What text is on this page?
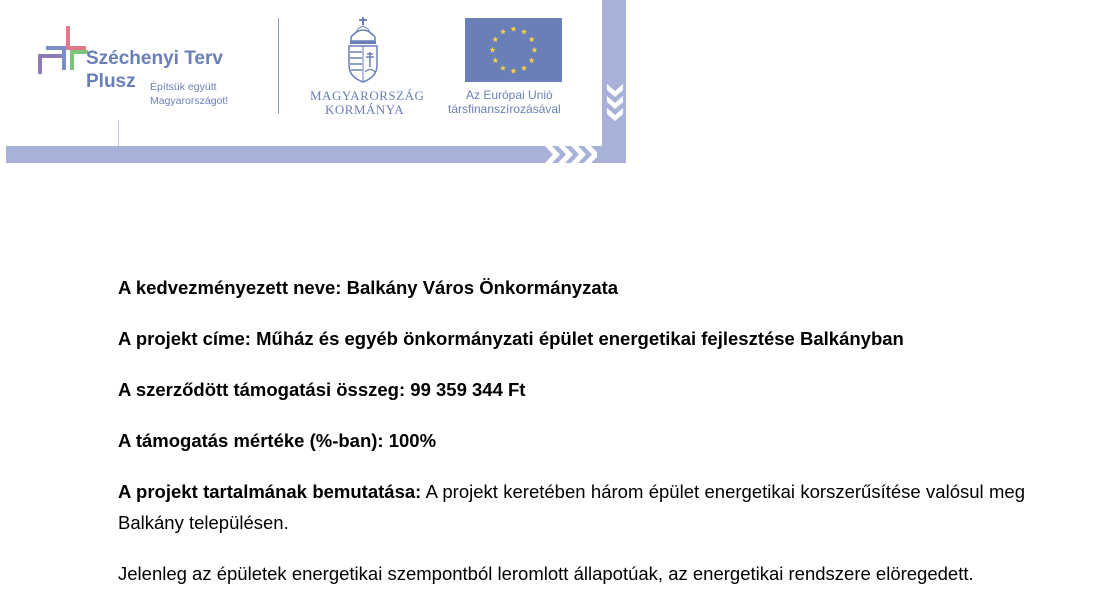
Széchenyi Terv
Plusz Építsük együtt
Magyarországot!	MAGYARORSZÁG
KORMÁNYA
Az Európai Unió
társfinanszírozásával

A kedvezményezett neve: Balkány Város Önkormányzata

A projekt címe: Műház és egyéb önkormányzati épület energetikai fejlesztése Balkányban

A szerződött támogatási összeg: 99 359 344 Ft

A támogatás mértéke (%-ban): 100%

A projekt tartalmának bemutatása: A projekt keretében három épület energetikai korszerűsítése valósul meg Balkány településen.

Jelenleg az épületek energetikai szempontból leromlott állapotúak, az energetikai rendszere elöregedett.
